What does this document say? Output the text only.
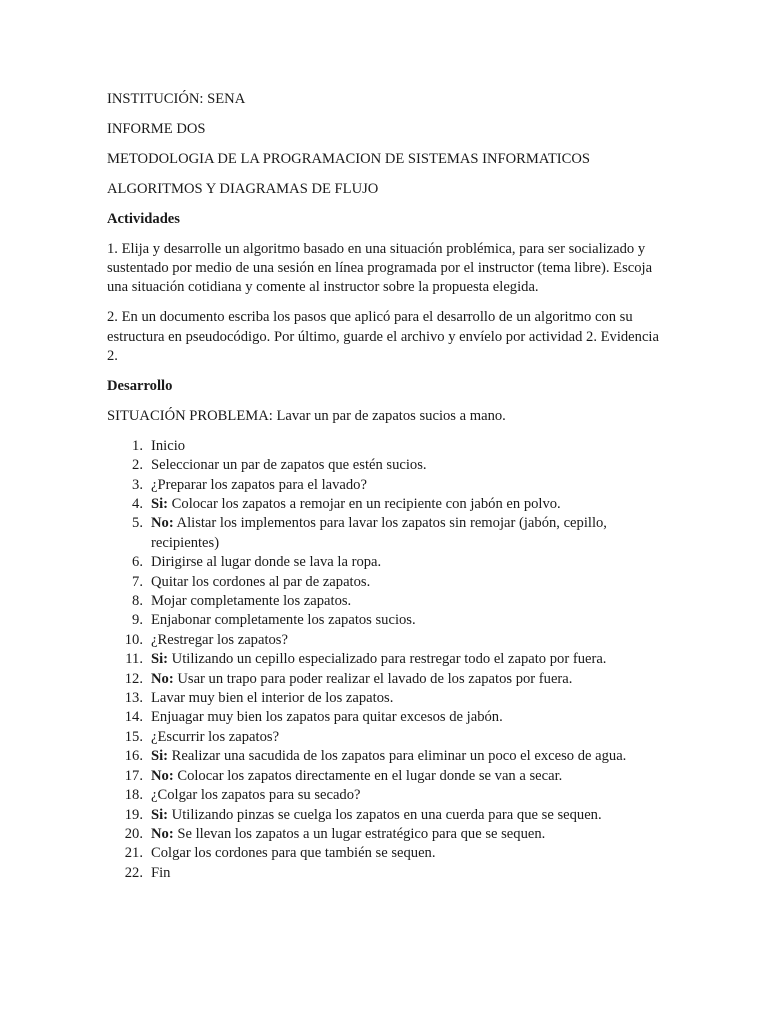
INSTITUCIÓN: SENA

INFORME DOS

METODOLOGIA DE LA PROGRAMACION DE SISTEMAS INFORMATICOS

ALGORITMOS Y DIAGRAMAS DE FLUJO

Actividades

1. Elija y desarrolle un algoritmo basado en una situación problémica, para ser socializado y sustentado por medio de una sesión en línea programada por el instructor (tema libre). Escoja una situación cotidiana y comente al instructor sobre la propuesta elegida.

2. En un documento escriba los pasos que aplicó para el desarrollo de un algoritmo con su estructura en pseudocódigo. Por último, guarde el archivo y envíelo por actividad 2. Evidencia 2.

Desarrollo

SITUACIÓN PROBLEMA: Lavar un par de zapatos sucios a mano.

1. Inicio
2. Seleccionar un par de zapatos que estén sucios.
3. ¿Preparar los zapatos para el lavado?
4. Si: Colocar los zapatos a remojar en un recipiente con jabón en polvo.
5. No: Alistar los implementos para lavar los zapatos sin remojar (jabón, cepillo, recipientes)
6. Dirigirse al lugar donde se lava la ropa.
7. Quitar los cordones al par de zapatos.
8. Mojar completamente los zapatos.
9. Enjabonar completamente los zapatos sucios.
10. ¿Restregar los zapatos?
11. Si: Utilizando un cepillo especializado para restregar todo el zapato por fuera.
12. No: Usar un trapo para poder realizar el lavado de los zapatos por fuera.
13. Lavar muy bien el interior de los zapatos.
14. Enjuagar muy bien los zapatos para quitar excesos de jabón.
15. ¿Escurrir los zapatos?
16. Si: Realizar una sacudida de los zapatos para eliminar un poco el exceso de agua.
17. No: Colocar los zapatos directamente en el lugar donde se van a secar.
18. ¿Colgar los zapatos para su secado?
19. Si: Utilizando pinzas se cuelga los zapatos en una cuerda para que se sequen.
20. No: Se llevan los zapatos a un lugar estratégico para que se sequen.
21. Colgar los cordones para que también se sequen.
22. Fin
